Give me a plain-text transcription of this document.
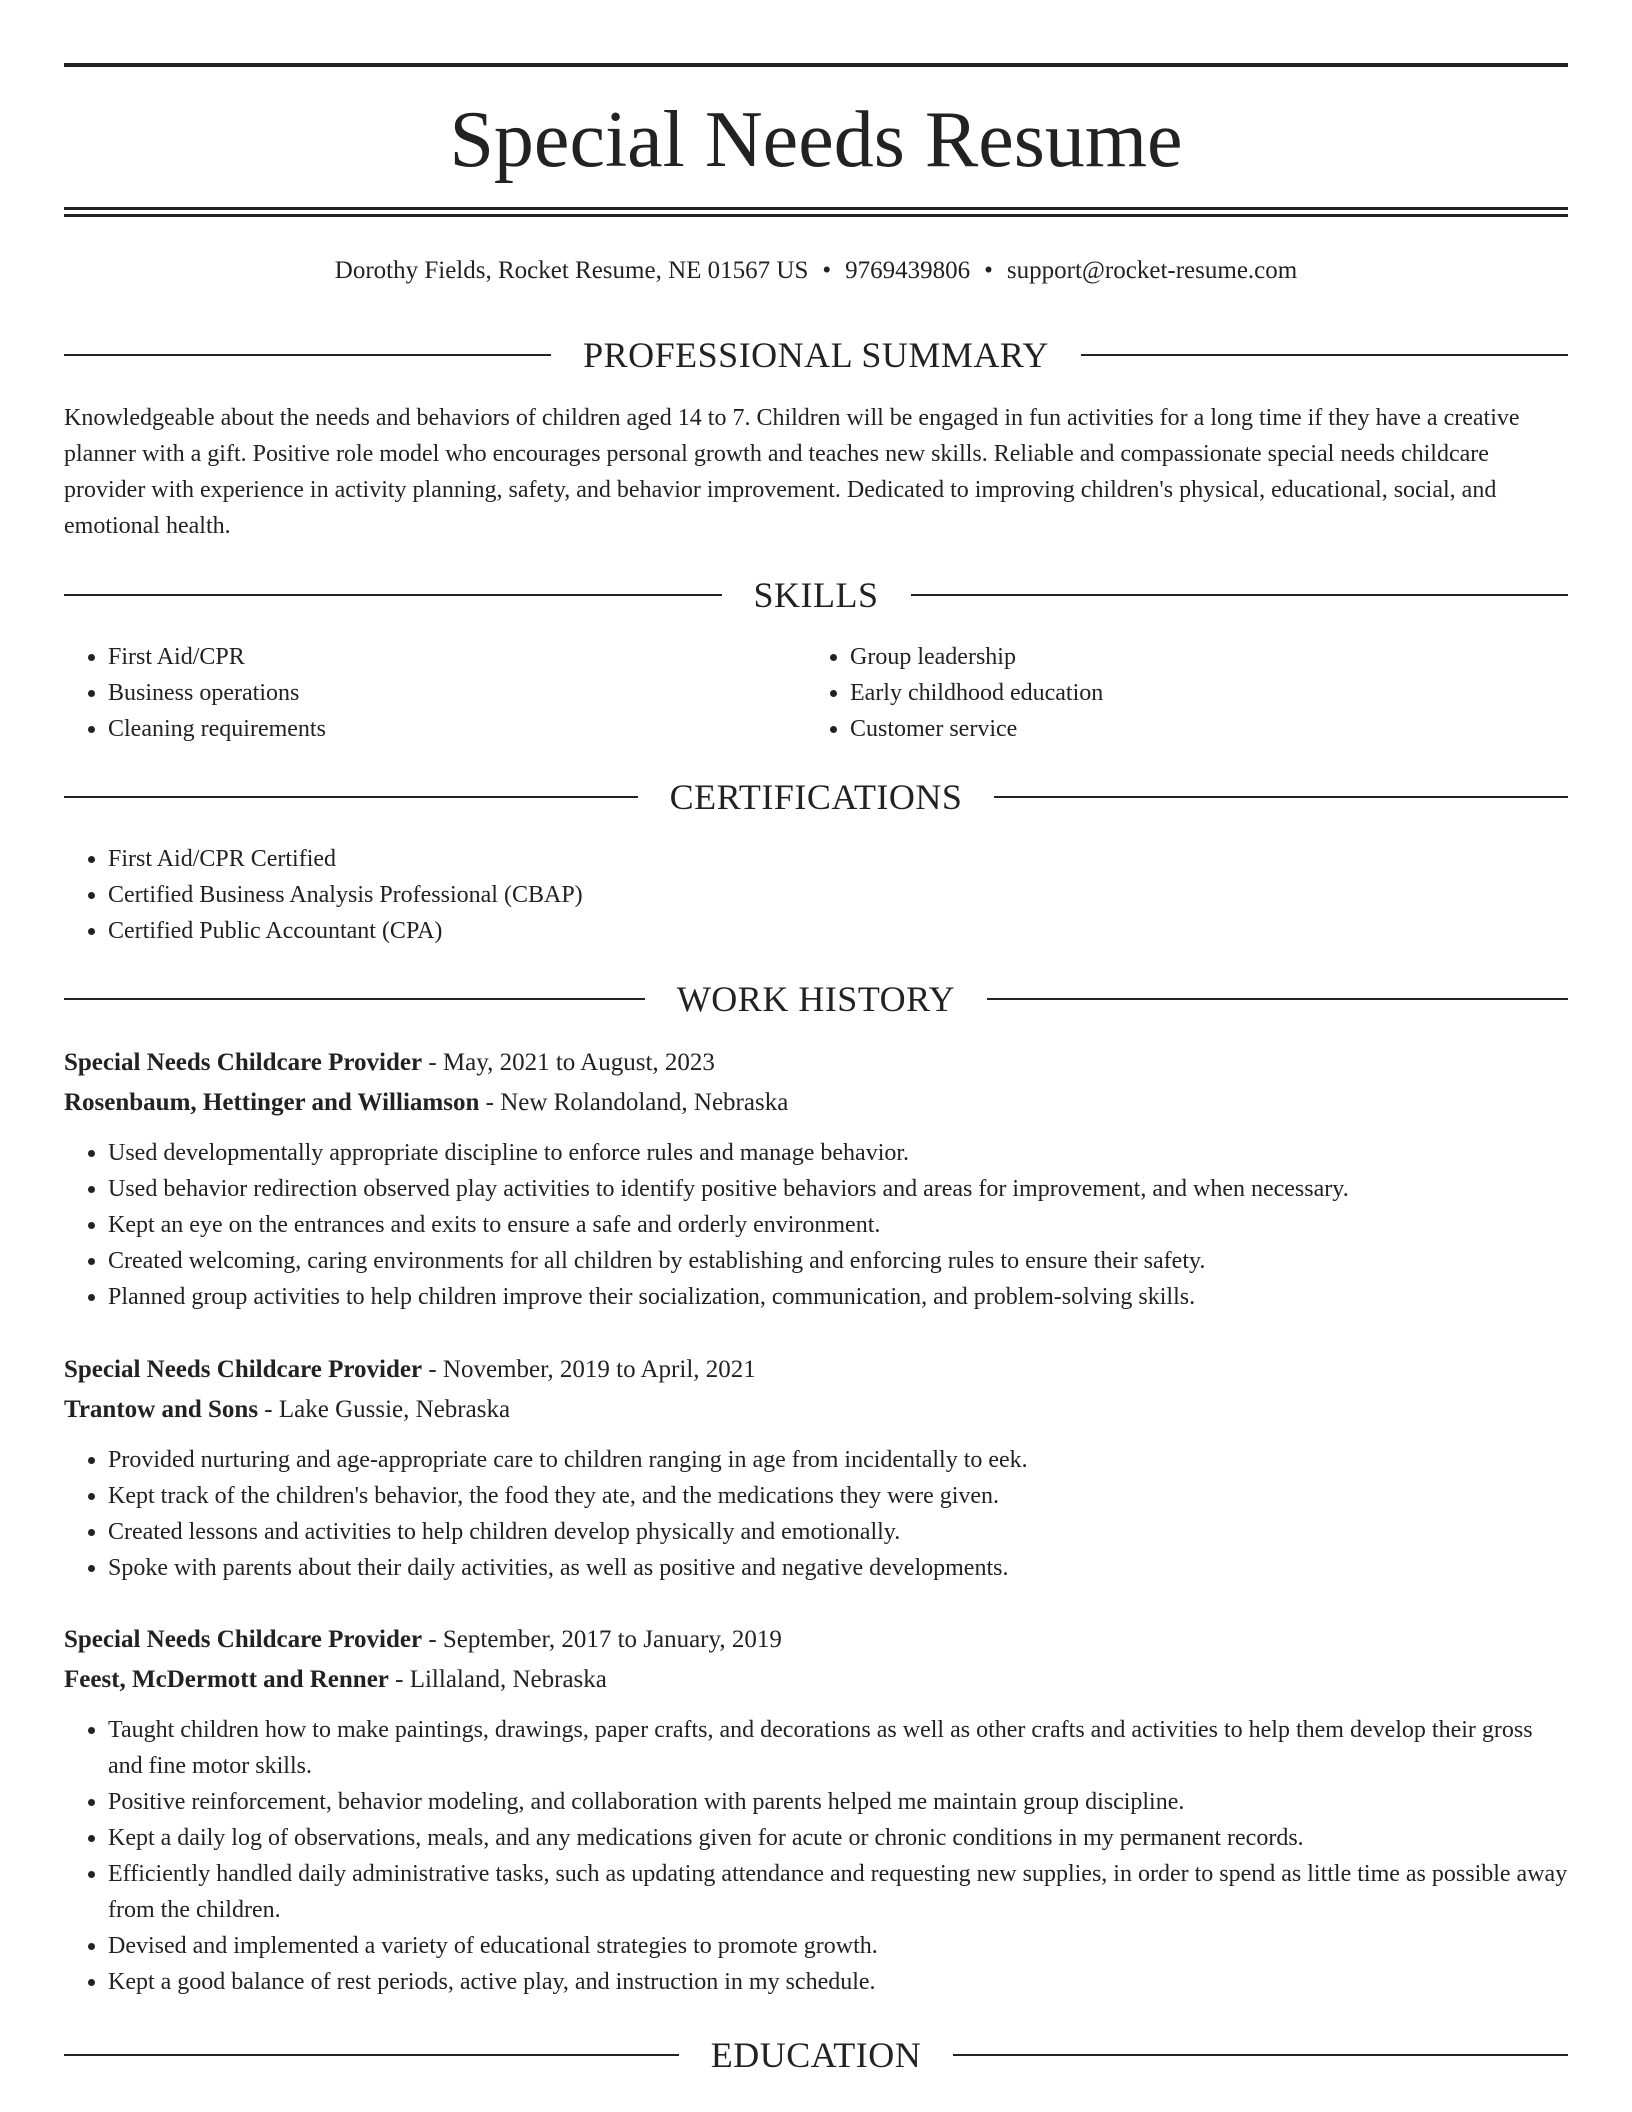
Special Needs Resume
Dorothy Fields, Rocket Resume, NE 01567 US • 9769439806 • support@rocket-resume.com
PROFESSIONAL SUMMARY
Knowledgeable about the needs and behaviors of children aged 14 to 7. Children will be engaged in fun activities for a long time if they have a creative planner with a gift. Positive role model who encourages personal growth and teaches new skills. Reliable and compassionate special needs childcare provider with experience in activity planning, safety, and behavior improvement. Dedicated to improving children's physical, educational, social, and emotional health.
SKILLS
• First Aid/CPR
• Business operations
• Cleaning requirements
• Group leadership
• Early childhood education
• Customer service
CERTIFICATIONS
• First Aid/CPR Certified
• Certified Business Analysis Professional (CBAP)
• Certified Public Accountant (CPA)
WORK HISTORY
Special Needs Childcare Provider - May, 2021 to August, 2023
Rosenbaum, Hettinger and Williamson - New Rolandoland, Nebraska
• Used developmentally appropriate discipline to enforce rules and manage behavior.
• Used behavior redirection observed play activities to identify positive behaviors and areas for improvement, and when necessary.
• Kept an eye on the entrances and exits to ensure a safe and orderly environment.
• Created welcoming, caring environments for all children by establishing and enforcing rules to ensure their safety.
• Planned group activities to help children improve their socialization, communication, and problem-solving skills.
Special Needs Childcare Provider - November, 2019 to April, 2021
Trantow and Sons - Lake Gussie, Nebraska
• Provided nurturing and age-appropriate care to children ranging in age from incidentally to eek.
• Kept track of the children's behavior, the food they ate, and the medications they were given.
• Created lessons and activities to help children develop physically and emotionally.
• Spoke with parents about their daily activities, as well as positive and negative developments.
Special Needs Childcare Provider - September, 2017 to January, 2019
Feest, McDermott and Renner - Lillaland, Nebraska
• Taught children how to make paintings, drawings, paper crafts, and decorations as well as other crafts and activities to help them develop their gross and fine motor skills.
• Positive reinforcement, behavior modeling, and collaboration with parents helped me maintain group discipline.
• Kept a daily log of observations, meals, and any medications given for acute or chronic conditions in my permanent records.
• Efficiently handled daily administrative tasks, such as updating attendance and requesting new supplies, in order to spend as little time as possible away from the children.
• Devised and implemented a variety of educational strategies to promote growth.
• Kept a good balance of rest periods, active play, and instruction in my schedule.
EDUCATION
